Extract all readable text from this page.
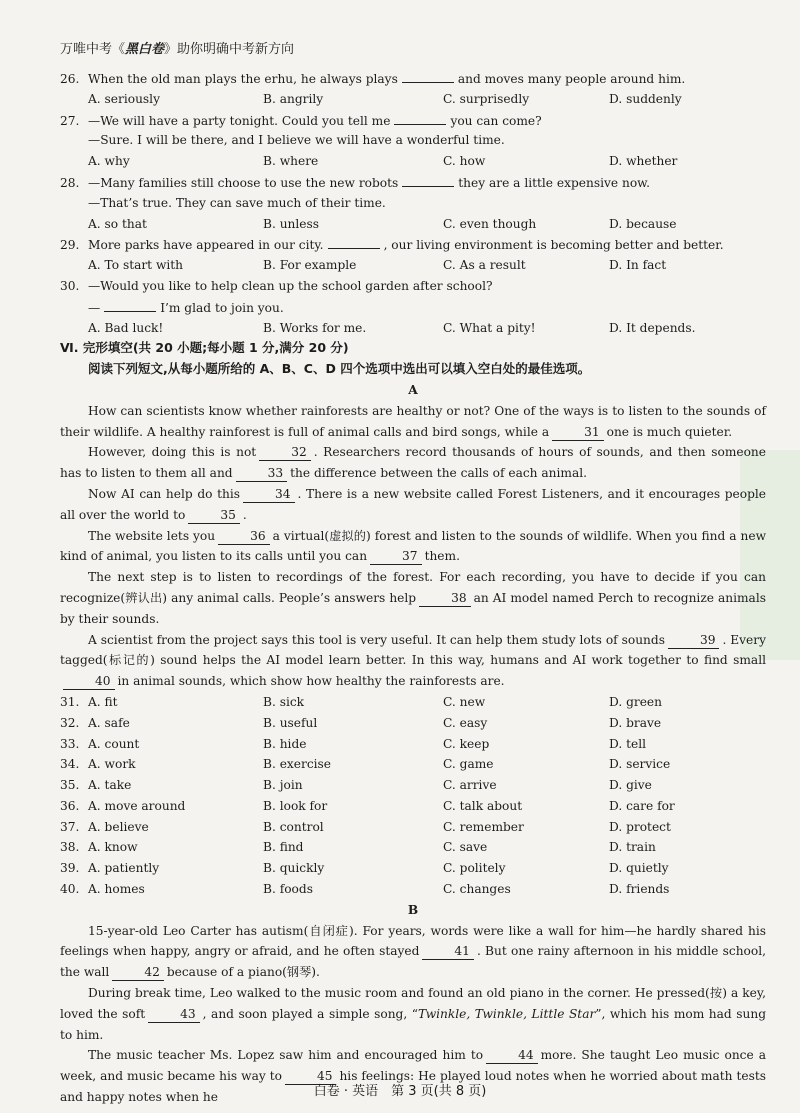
万唯中考《黑白卷》助你明确中考新方向
26. When the old man plays the erhu, he always plays	and moves many people around him.
A. seriously	B. angrily	C. surprisedly	D. suddenly
27. —We will have a party tonight. Could you tell me	you can come?
—Sure. I will be there, and I believe we will have a wonderful time.
A. why	B. where	C. how	D. whether
28. —Many families still choose to use the new robots	they are a little expensive now.
—That’s true. They can save much of their time.
A. so that	B. unless	C. even though	D. because
29. More parks have appeared in our city.	, our living environment is becoming better and better.
A. To start with	B. For example	C. As a result	D. In fact
30. —Would you like to help clean up the school garden after school?
—	I’m glad to join you.
A. Bad luck!	B. Works for me.	C. What a pity!	D. It depends.
Ⅵ. 完形填空(共 20 小题;每小题 1 分,满分 20 分)
阅读下列短文,从每小题所给的 A、B、C、D 四个选项中选出可以填入空白处的最佳选项。
A
How can scientists know whether rainforests are healthy or not? One of the ways is to listen to the sounds of their wildlife. A healthy rainforest is full of animal calls and bird songs, while a	31 one is much quieter.
However, doing this is not	32 . Researchers record thousands of hours of sounds, and then someone has to listen to them all and	33 the difference between the calls of each animal.
Now AI can help do this	34 . There is a new website called Forest Listeners, and it encourages people all over the world to	35 .
The website lets you	36 a virtual(虚拟的) forest and listen to the sounds of wildlife. When you find a new kind of animal, you listen to its calls until you can	37 them.
The next step is to listen to recordings of the forest. For each recording, you have to decide if you can recognize(辨认出) any animal calls. People’s answers help	38 an AI model named Perch to recognize animals by their sounds.
A scientist from the project says this tool is very useful. It can help them study lots of sounds	39 . Every tagged(标记的) sound helps the AI model learn better. In this way, humans and AI work together to find small40 in animal sounds, which show how healthy the rainforests are.
31. A. fit	B. sick	C. new	D. green
32. A. safe	B. useful	C. easy	D. brave
33. A. count	B. hide	C. keep	D. tell
34. A. work	B. exercise	C. game	D. service
35. A. take	B. join	C. arrive	D. give
36. A. move around	B. look for	C. talk about	D. care for
37. A. believe	B. control	C. remember	D. protect
38. A. know	B. find	C. save	D. train
39. A. patiently	B. quickly	C. politely	D. quietly
40. A. homes	B. foods	C. changes	D. friends
B
15-year-old Leo Carter has autism(自闭症). For years, words were like a wall for him—he hardly shared his feelings when happy, angry or afraid, and he often stayed	41 . But one rainy afternoon in his middle school, the wall	42 because of a piano(钢琴).
During break time, Leo walked to the music room and found an old piano in the corner. He pressed(按) a key, loved the soft	43 , and soon played a simple song, “Twinkle, Twinkle, Little Star”, which his mom had sung to him.
The music teacher Ms. Lopez saw him and encouraged him to	44 more. She taught Leo music once a week, and music became his way to	45 his feelings: He played loud notes when he worried about math tests and happy notes when he	白卷 · 英语　第 3 页(共 8 页)
